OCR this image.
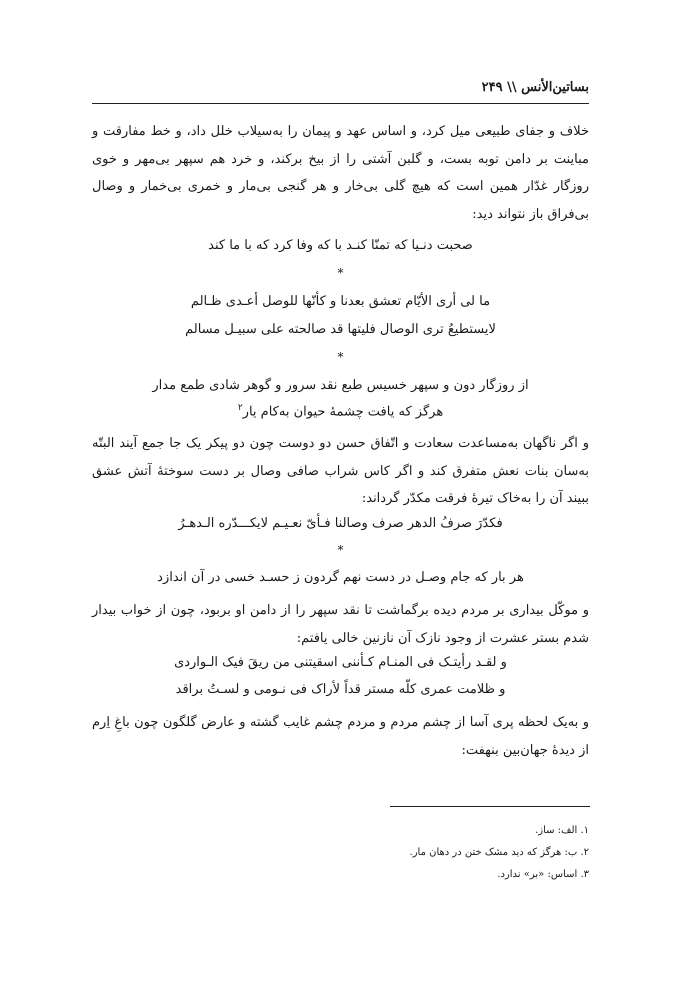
بساتین‌الأنس \\ ۲۴۹
خلاف و جفای طبیعی میل کرد، و اساس عهد و پیمان را به‌سیلاب خلل داد، و خط مفارقت و مباینت بر دامن توبه بست، و گلبن آشتی را از بیخ برکند، و خرد هم سپهر بی‌مهر و خوی روزگار غدّار همین است که هیچ گلی بی‌خار و هر گنجی بی‌مار و خمری بی‌خمار و وصال بی‌فراق باز نتواند دید:
صحبت دنـیا که تمنّا کنـد با که وفا کرد که با ما کند
*
ما لی أری الأیّام تعشق بعدنا و کأنّها للوصل أعـدی ظـالم
لایستطیعُ تری الوصال فلیتها قد صالحته علی سبیـل مسالم
*
از روزگار دون و سپهر خسیس طبع نقد سرور و گوهر شادی طمع مدار
هرگز که یافت چشمهٔ حیوان به‌کام یار$^۲$
و اگر ناگهان به‌مساعدت سعادت و اتّفاق حسن دو دوست چون دو پیکر یک جا جمع آیند البتّه به‌سان بنات نعش متفرق کند و اگر کاس شراب صافی وصال بر دست سوختهٔ آتش عشق ببیند آن را به‌خاک تیرهٔ فرقت مکدّر گرداند:
فکدّرَ صرفُ الدهر صرف وصالنا فـأیّ نعـیـم لایکـــدّره الـدهـرُ
*
هر بار که جام وصـل در دست نهم گردون ز حسـد خسی در آن اندازد
و موکّل بیداری بر مردم دیده برگماشت تا نقد سپهر را از دامن او بربود، چون از خواب بیدار شدم بستر عشرت از وجود نازک آن نازنین خالی یافتم:
و لقـد رأیتـک فی المنـام کـأننی اسقیتنی من ریقَ فیک الـواردی
و ظلامت عمری کلّه مستر قداً لأراک فی نـومی و لسـتُ براقد
و به‌یک لحظه پری آسا از چشم مردم و مردم چشم غایب گشته و عارض گلگون چون باغِ اِرم از دیدهٔ جهان‌بین بنهفت:
۱. الف: ساز.
۲. ب: هرگز که دید مشک ختن در دهان مار.
۳. اساس: «بر» ندارد.
